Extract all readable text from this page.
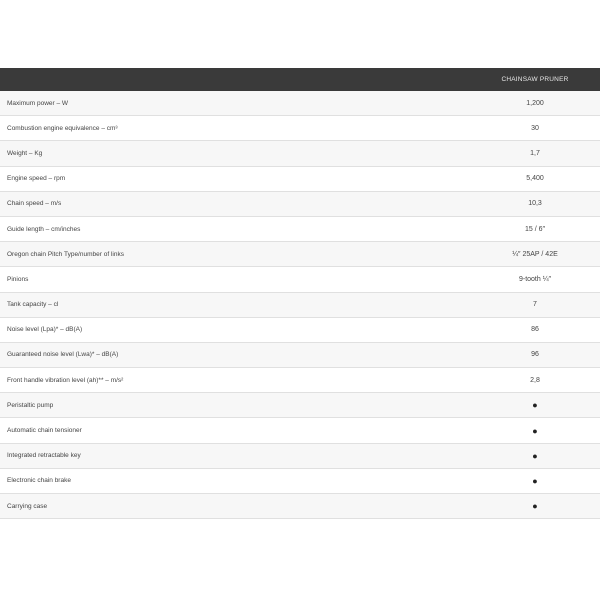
CHAINSAW PRUNER
Maximum power – W	1,200
Combustion engine equivalence – cm³	30
Weight – Kg	1,7
Engine speed – rpm	5,400
Chain speed – m/s	10,3
Guide length – cm/inches	15 / 6″
Oregon chain Pitch Type/number of links	¼″ 25AP / 42E
Pinions	9-tooth ¼″
Tank capacity – cl	7
Noise level (Lpa)* – dB(A)	86
Guaranteed noise level (Lwa)* – dB(A)	96
Front handle vibration level (ah)** – m/s²	2,8
Peristaltic pump	●
Automatic chain tensioner	●
Integrated retractable key	●
Electronic chain brake	●
Carrying case	●
